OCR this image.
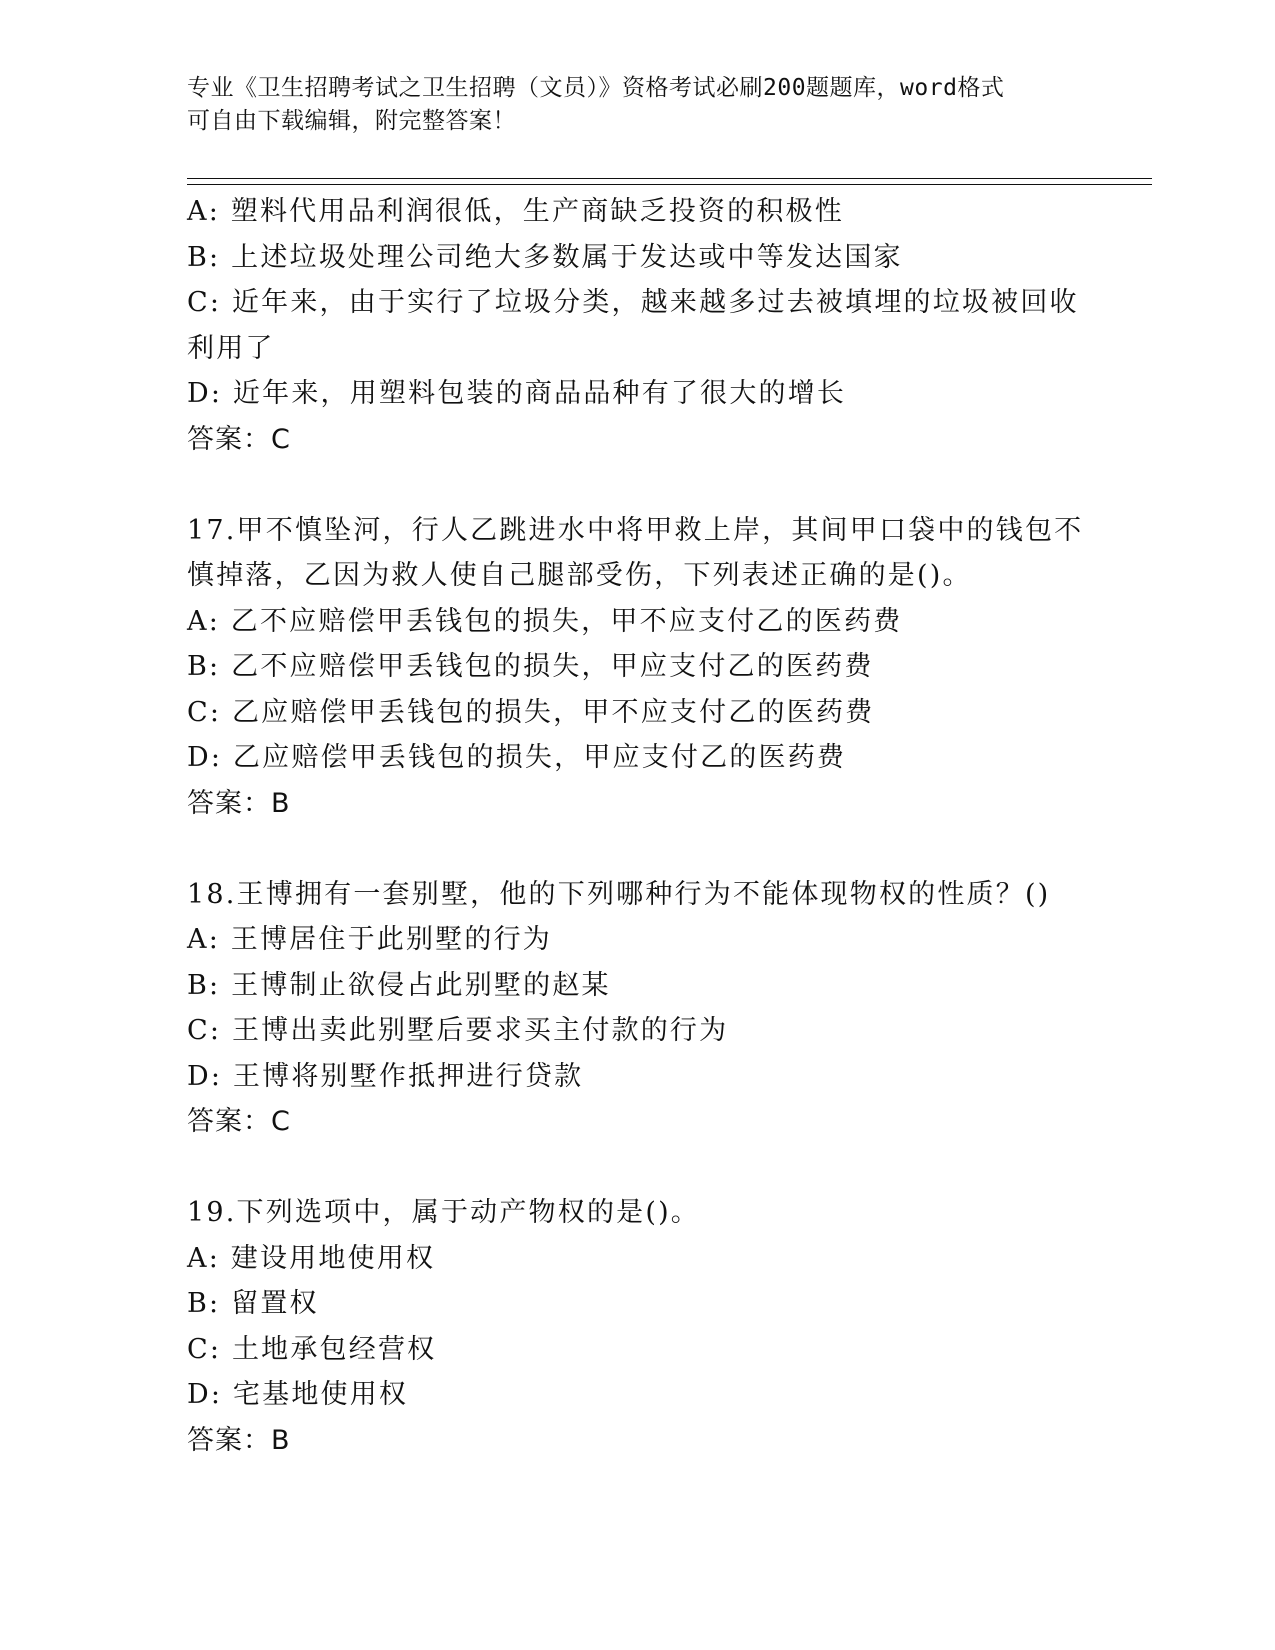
专业《卫生招聘考试之卫生招聘（文员）》资格考试必刷200题题库，word格式
可自由下载编辑，附完整答案！
A: 塑料代用品利润很低，生产商缺乏投资的积极性
B: 上述垃圾处理公司绝大多数属于发达或中等发达国家
C: 近年来，由于实行了垃圾分类，越来越多过去被填埋的垃圾被回收
利用了
D: 近年来，用塑料包装的商品品种有了很大的增长
答案：C
17.甲不慎坠河，行人乙跳进水中将甲救上岸，其间甲口袋中的钱包不
慎掉落，乙因为救人使自己腿部受伤，下列表述正确的是()。
A: 乙不应赔偿甲丢钱包的损失，甲不应支付乙的医药费
B: 乙不应赔偿甲丢钱包的损失，甲应支付乙的医药费
C: 乙应赔偿甲丢钱包的损失，甲不应支付乙的医药费
D: 乙应赔偿甲丢钱包的损失，甲应支付乙的医药费
答案：B
18.王博拥有一套别墅，他的下列哪种行为不能体现物权的性质？()
A: 王博居住于此别墅的行为
B: 王博制止欲侵占此别墅的赵某
C: 王博出卖此别墅后要求买主付款的行为
D: 王博将别墅作抵押进行贷款
答案：C
19.下列选项中，属于动产物权的是()。
A: 建设用地使用权
B: 留置权
C: 土地承包经营权
D: 宅基地使用权
答案：B
